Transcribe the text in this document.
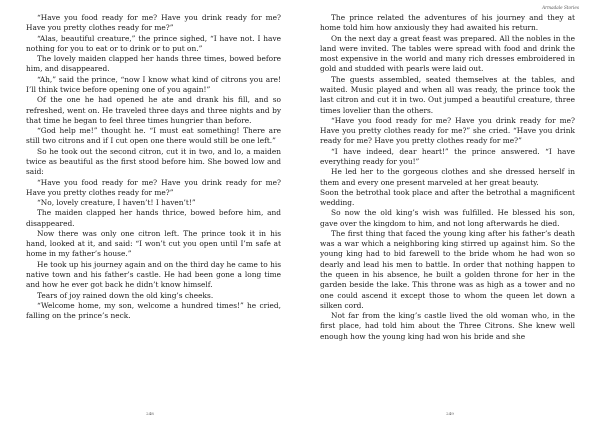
“Have you food ready for me? Have you drink ready for me? Have you pretty clothes ready for me?”

“Alas, beautiful creature,” the prince sighed, “I have not. I have nothing for you to eat or to drink or to put on.”

The lovely maiden clapped her hands three times, bowed before him, and disappeared.

“Ah,” said the prince, “now I know what kind of citrons you are! I’ll think twice before opening one of you again!”

Of the one he had opened he ate and drank his fill, and so refreshed, went on. He traveled three days and three nights and by that time he began to feel three times hungrier than before.

“God help me!” thought he. “I must eat something! There are still two citrons and if I cut open one there would still be one left.”

So he took out the second citron, cut it in two, and lo, a maiden twice as beautiful as the first stood before him. She bowed low and said:

“Have you food ready for me? Have you drink ready for me? Have you pretty clothes ready for me?”

“No, lovely creature, I haven’t! I haven’t!”

The maiden clapped her hands thrice, bowed before him, and disappeared.

Now there was only one citron left. The prince took it in his hand, looked at it, and said: “I won’t cut you open until I’m safe at home in my father’s house.”

He took up his journey again and on the third day he came to his native town and his father’s castle. He had been gone a long time and how he ever got back he didn’t know himself.

Tears of joy rained down the old king’s cheeks.

“Welcome home, my son, welcome a hundred times!” he cried, falling on the prince’s neck.

248
Armadale Stories

The prince related the adventures of his journey and they at home told him how anxiously they had awaited his return.

On the next day a great feast was prepared. All the nobles in the land were invited. The tables were spread with food and drink the most expensive in the world and many rich dresses embroidered in gold and studded with pearls were laid out.

The guests assembled, seated themselves at the tables, and waited. Music played and when all was ready, the prince took the last citron and cut it in two. Out jumped a beautiful creature, three times lovelier than the others.

“Have you food ready for me? Have you drink ready for me? Have you pretty clothes ready for me?” she cried. “Have you drink ready for me? Have you pretty clothes ready for me?”

“I have indeed, dear heart!” the prince answered. “I have everything ready for you!”

He led her to the gorgeous clothes and she dressed herself in them and every one present marveled at her great beauty.

Soon the betrothal took place and after the betrothal a magnificent wedding.

So now the old king’s wish was fulfilled. He blessed his son, gave over the kingdom to him, and not long afterwards he died.

The first thing that faced the young king after his father’s death was a war which a neighboring king stirred up against him. So the young king had to bid farewell to the bride whom he had won so dearly and lead his men to battle. In order that nothing happen to the queen in his absence, he built a golden throne for her in the garden beside the lake. This throne was as high as a tower and no one could ascend it except those to whom the queen let down a silken cord.

Not far from the king’s castle lived the old woman who, in the first place, had told him about the Three Citrons. She knew well enough how the young king had won his bride and she

249
